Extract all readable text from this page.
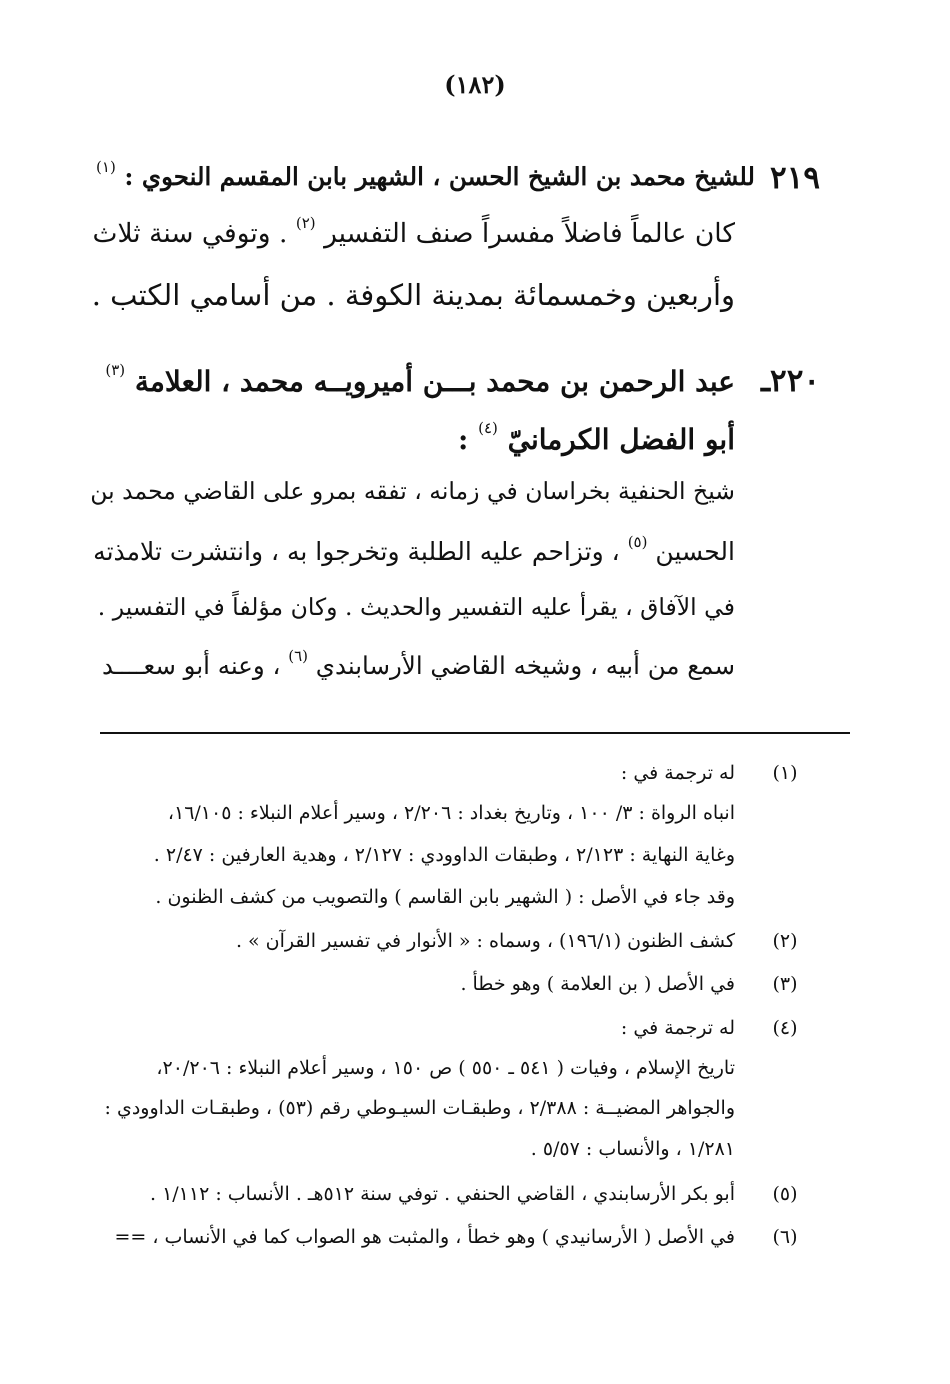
(١٨٢)
٢١٩
للشيخ محمد بن الشيخ الحسن ، الشهير بابن المقسم النحوي : $^{(١)}$
كان عالماً فاضلاً مفسراً صنف التفسير $^{(٢)}$ . وتوفي سنة ثلاث
وأربعين وخمسمائة بمدينة الكوفة . من أسامي الكتب .
٢٢٠ـ
عبد الرحمن بن محمد بـــن أميرويــه محمد ، العلامة $^{(٣)}$
أبو الفضل الكرمانيّ $^{(٤)}$ :
شيخ الحنفية بخراسان في زمانه ، تفقه بمرو على القاضي محمد بن
الحسين $^{(٥)}$ ، وتزاحم عليه الطلبة وتخرجوا به ، وانتشرت تلامذته
في الآفاق ، يقرأ عليه التفسير والحديث . وكان مؤلفاً في التفسير .
سمع من أبيه ، وشيخه القاضي الأرسابندي $^{(٦)}$ ، وعنه أبو سعــــد
(١)
له ترجمة في :
انباه الرواة : ٣/ ١٠٠ ، وتاريخ بغداد : ٢/٢٠٦ ، وسير أعلام النبلاء : ١٦/١٠٥،
وغاية النهاية : ٢/١٢٣ ، وطبقات الداوودي : ٢/١٢٧ ، وهدية العارفين : ٢/٤٧ .
وقد جاء في الأصل : ( الشهير بابن القاسم ) والتصويب من كشف الظنون .
(٢)
كشف الظنون (١٩٦/١) ، وسماه : « الأنوار في تفسير القرآن » .
(٣)
في الأصل ( بن العلامة ) وهو خطأ .
(٤)
له ترجمة في :
تاريخ الإسلام ، وفيات ( ٥٤١ ـ ٥٥٠ ) ص ١٥٠ ، وسير أعلام النبلاء : ٢٠/٢٠٦،
والجواهر المضيــة : ٢/٣٨٨ ، وطبقـات السيـوطي رقم (٥٣) ، وطبقـات الداوودي :
١/٢٨١ ، والأنساب : ٥/٥٧ .
(٥)
أبو بكر الأرسابندي ، القاضي الحنفي . توفي سنة ٥١٢هـ . الأنساب : ١/١١٢ .
(٦)
في الأصل ( الأرسانيدي ) وهو خطأ ، والمثبت هو الصواب كما في الأنساب ، ==
